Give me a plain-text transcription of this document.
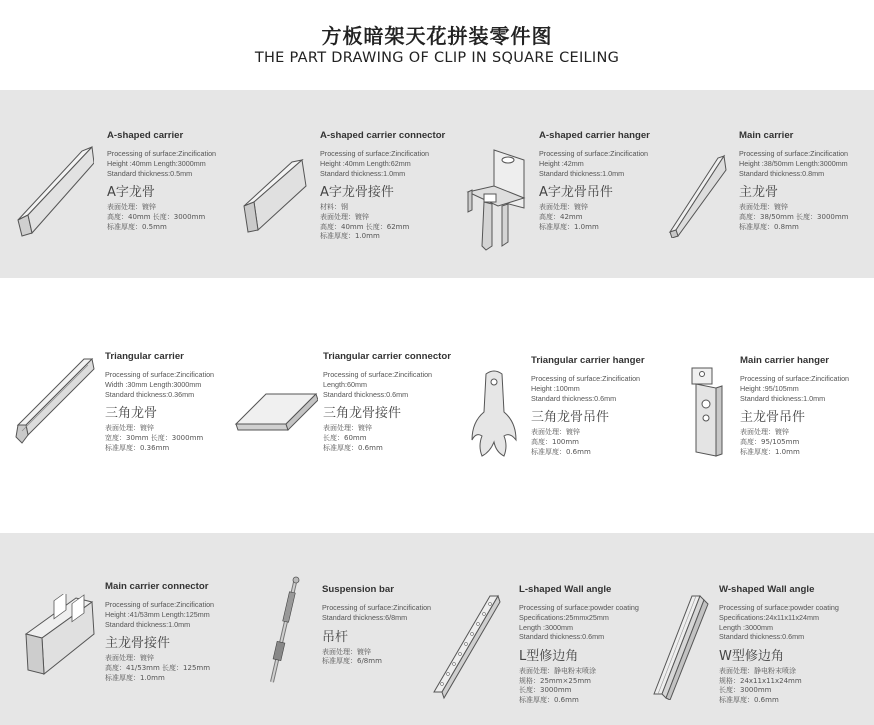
方板暗架天花拼装零件图
THE PART DRAWING OF CLIP IN SQUARE CEILING
A-shaped carrier
Processing of surface:Zincification
Height :40mm Length:3000mm
Standard thickness:0.5mm
A字龙骨
表面处理：镀锌
高度：40mm 长度：3000mm
标准厚度：0.5mm
A-shaped carrier connector
Processing of surface:Zincification
Height :40mm Length:62mm
Standard thickness:1.0mm
A字龙骨接件
材料：钢
表面处理：镀锌
高度：40mm 长度：62mm
标准厚度：1.0mm
A-shaped carrier hanger
Processing of surface:Zincification
Height :42mm
Standard thickness:1.0mm
A字龙骨吊件
表面处理：镀锌
高度：42mm
标准厚度：1.0mm
Main carrier
Processing of surface:Zincification
Height :38/50mm Length:3000mm
Standard thickness:0.8mm
主龙骨
表面处理：镀锌
高度：38/50mm 长度：3000mm
标准厚度：0.8mm
Triangular carrier
Processing of surface:Zincification
Width :30mm Length:3000mm
Standard thickness:0.36mm
三角龙骨
表面处理：镀锌
宽度：30mm 长度：3000mm
标准厚度：0.36mm
Triangular carrier connector
Processing of surface:Zincification
Length:60mm
Standard thickness:0.6mm
三角龙骨接件
表面处理：镀锌
长度：60mm
标准厚度：0.6mm
Triangular carrier hanger
Processing of surface:Zincification
Height :100mm
Standard thickness:0.6mm
三角龙骨吊件
表面处理：镀锌
高度：100mm
标准厚度：0.6mm
Main carrier hanger
Processing of surface:Zincification
Height :95/105mm
Standard thickness:1.0mm
主龙骨吊件
表面处理：镀锌
高度：95/105mm
标准厚度：1.0mm
Main carrier connector
Processing of surface:Zincification
Height :41/53mm Length:125mm
Standard thickness:1.0mm
主龙骨接件
表面处理：镀锌
高度：41/53mm 长度：125mm
标准厚度：1.0mm
Suspension bar
Processing of surface:Zincification
Standard thickness:6/8mm
吊杆
表面处理：镀锌
标准厚度：6/8mm
L-shaped Wall angle
Processing of surface:powder coating
Specifications:25mmx25mm
Length :3000mm
Standard thickness:0.6mm
L型修边角
表面处理：静电粉末喷涂
规格：25mm×25mm
长度：3000mm
标准厚度：0.6mm
W-shaped Wall angle
Processing of surface:powder coating
Specifications:24x11x11x24mm
Length :3000mm
Standard thickness:0.6mm
W型修边角
表面处理：静电粉末喷涂
规格：24x11x11x24mm
长度：3000mm
标准厚度：0.6mm
